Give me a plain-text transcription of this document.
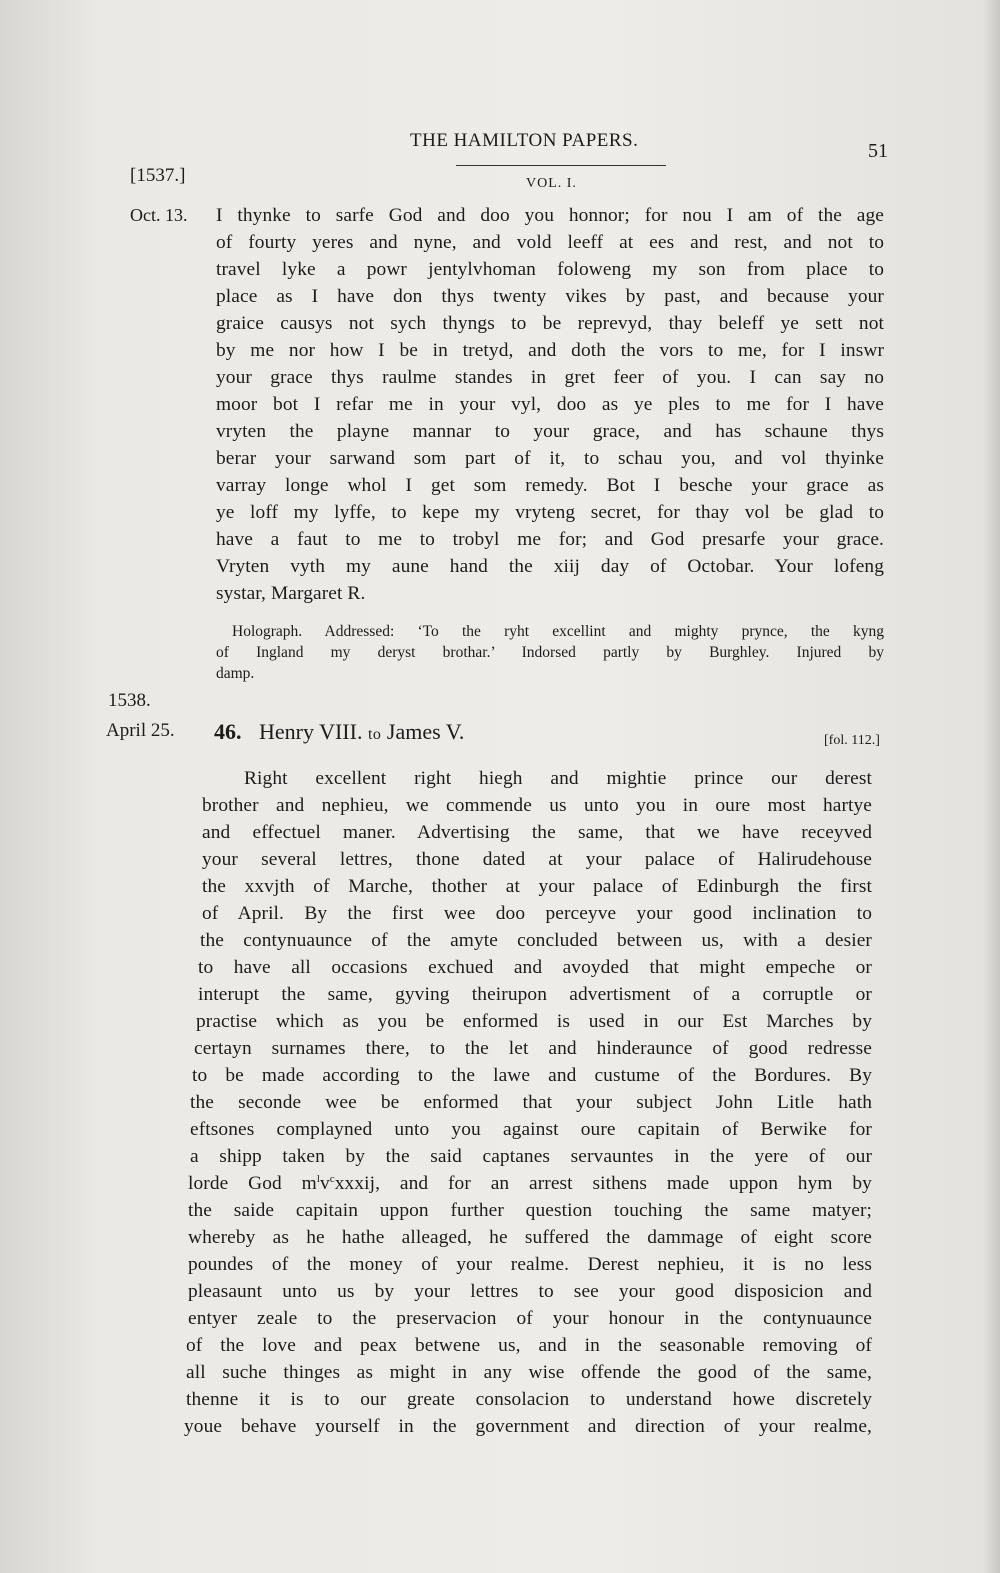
THE HAMILTON PAPERS.	51
VOL. I.
[1537.]
Oct. 13. I thynke to sarfe God and doo you honnor; for nou I am of the age
of fourty yeres and nyne, and vold leeff at ees and rest, and not to
travel lyke a powr jentylvhoman foloweng my son from place to
place as I have don thys twenty vikes by past, and because your
graice causys not sych thyngs to be reprevyd, thay beleff ye sett not
by me nor how I be in tretyd, and doth the vors to me, for I inswr
your grace thys raulme standes in gret feer of you. I can say no
moor bot I refar me in your vyl, doo as ye ples to me for I have
vryten the playne mannar to your grace, and has schaune thys
berar your sarwand som part of it, to schau you, and vol thyinke
varray longe whol I get som remedy. Bot I besche your grace as
ye loff my lyffe, to kepe my vryteng secret, for thay vol be glad to
have a faut to me to trobyl me for; and God presarfe your grace.
Vryten vyth my aune hand the xiij day of Octobar. Your lofeng
systar, Margaret R.
Holograph. Addressed: ‘To the ryht excellint and mighty prynce, the kyng
of Ingland my deryst brothar.’ Indorsed partly by Burghley. Injured by
damp.
1538.
April 25. 46. Henry VIII. to James V.	[fol. 112.]
Right excellent right hiegh and mightie prince our derest
brother and nephieu, we commende us unto you in oure most hartye
and effectuel maner. Advertising the same, that we have receyved
your several lettres, thone dated at your palace of Halirudehouse
the xxvjth of Marche, thother at your palace of Edinburgh the first
of April. By the first wee doo perceyve your good inclination to
the contynuaunce of the amyte concluded between us, with a desier
to have all occasions exchued and avoyded that might empeche or
interupt the same, gyving theirupon advertisment of a corruptle or
practise which as you be enformed is used in our Est Marches by
certayn surnames there, to the let and hinderaunce of good redresse
to be made according to the lawe and custume of the Bordures. By
the seconde wee be enformed that your subject John Litle hath
eftsones complayned unto you against oure capitain of Berwike for
a shipp taken by the said captanes servauntes in the yere of our
lorde God $m^lv^cxxxij$, and for an arrest sithens made uppon hym by
the saide capitain uppon further question touching the same matyer;
whereby as he hathe alleaged, he suffered the dammage of eight score
poundes of the money of your realme. Derest nephieu, it is no less
pleasaunt unto us by your lettres to see your good disposicion and
entyer zeale to the preservacion of your honour in the contynuaunce
of the love and peax betwene us, and in the seasonable removing of
all suche thinges as might in any wise offende the good of the same,
thenne it is to our greate consolacion to understand howe discretely
youe behave yourself in the government and direction of your realme,
